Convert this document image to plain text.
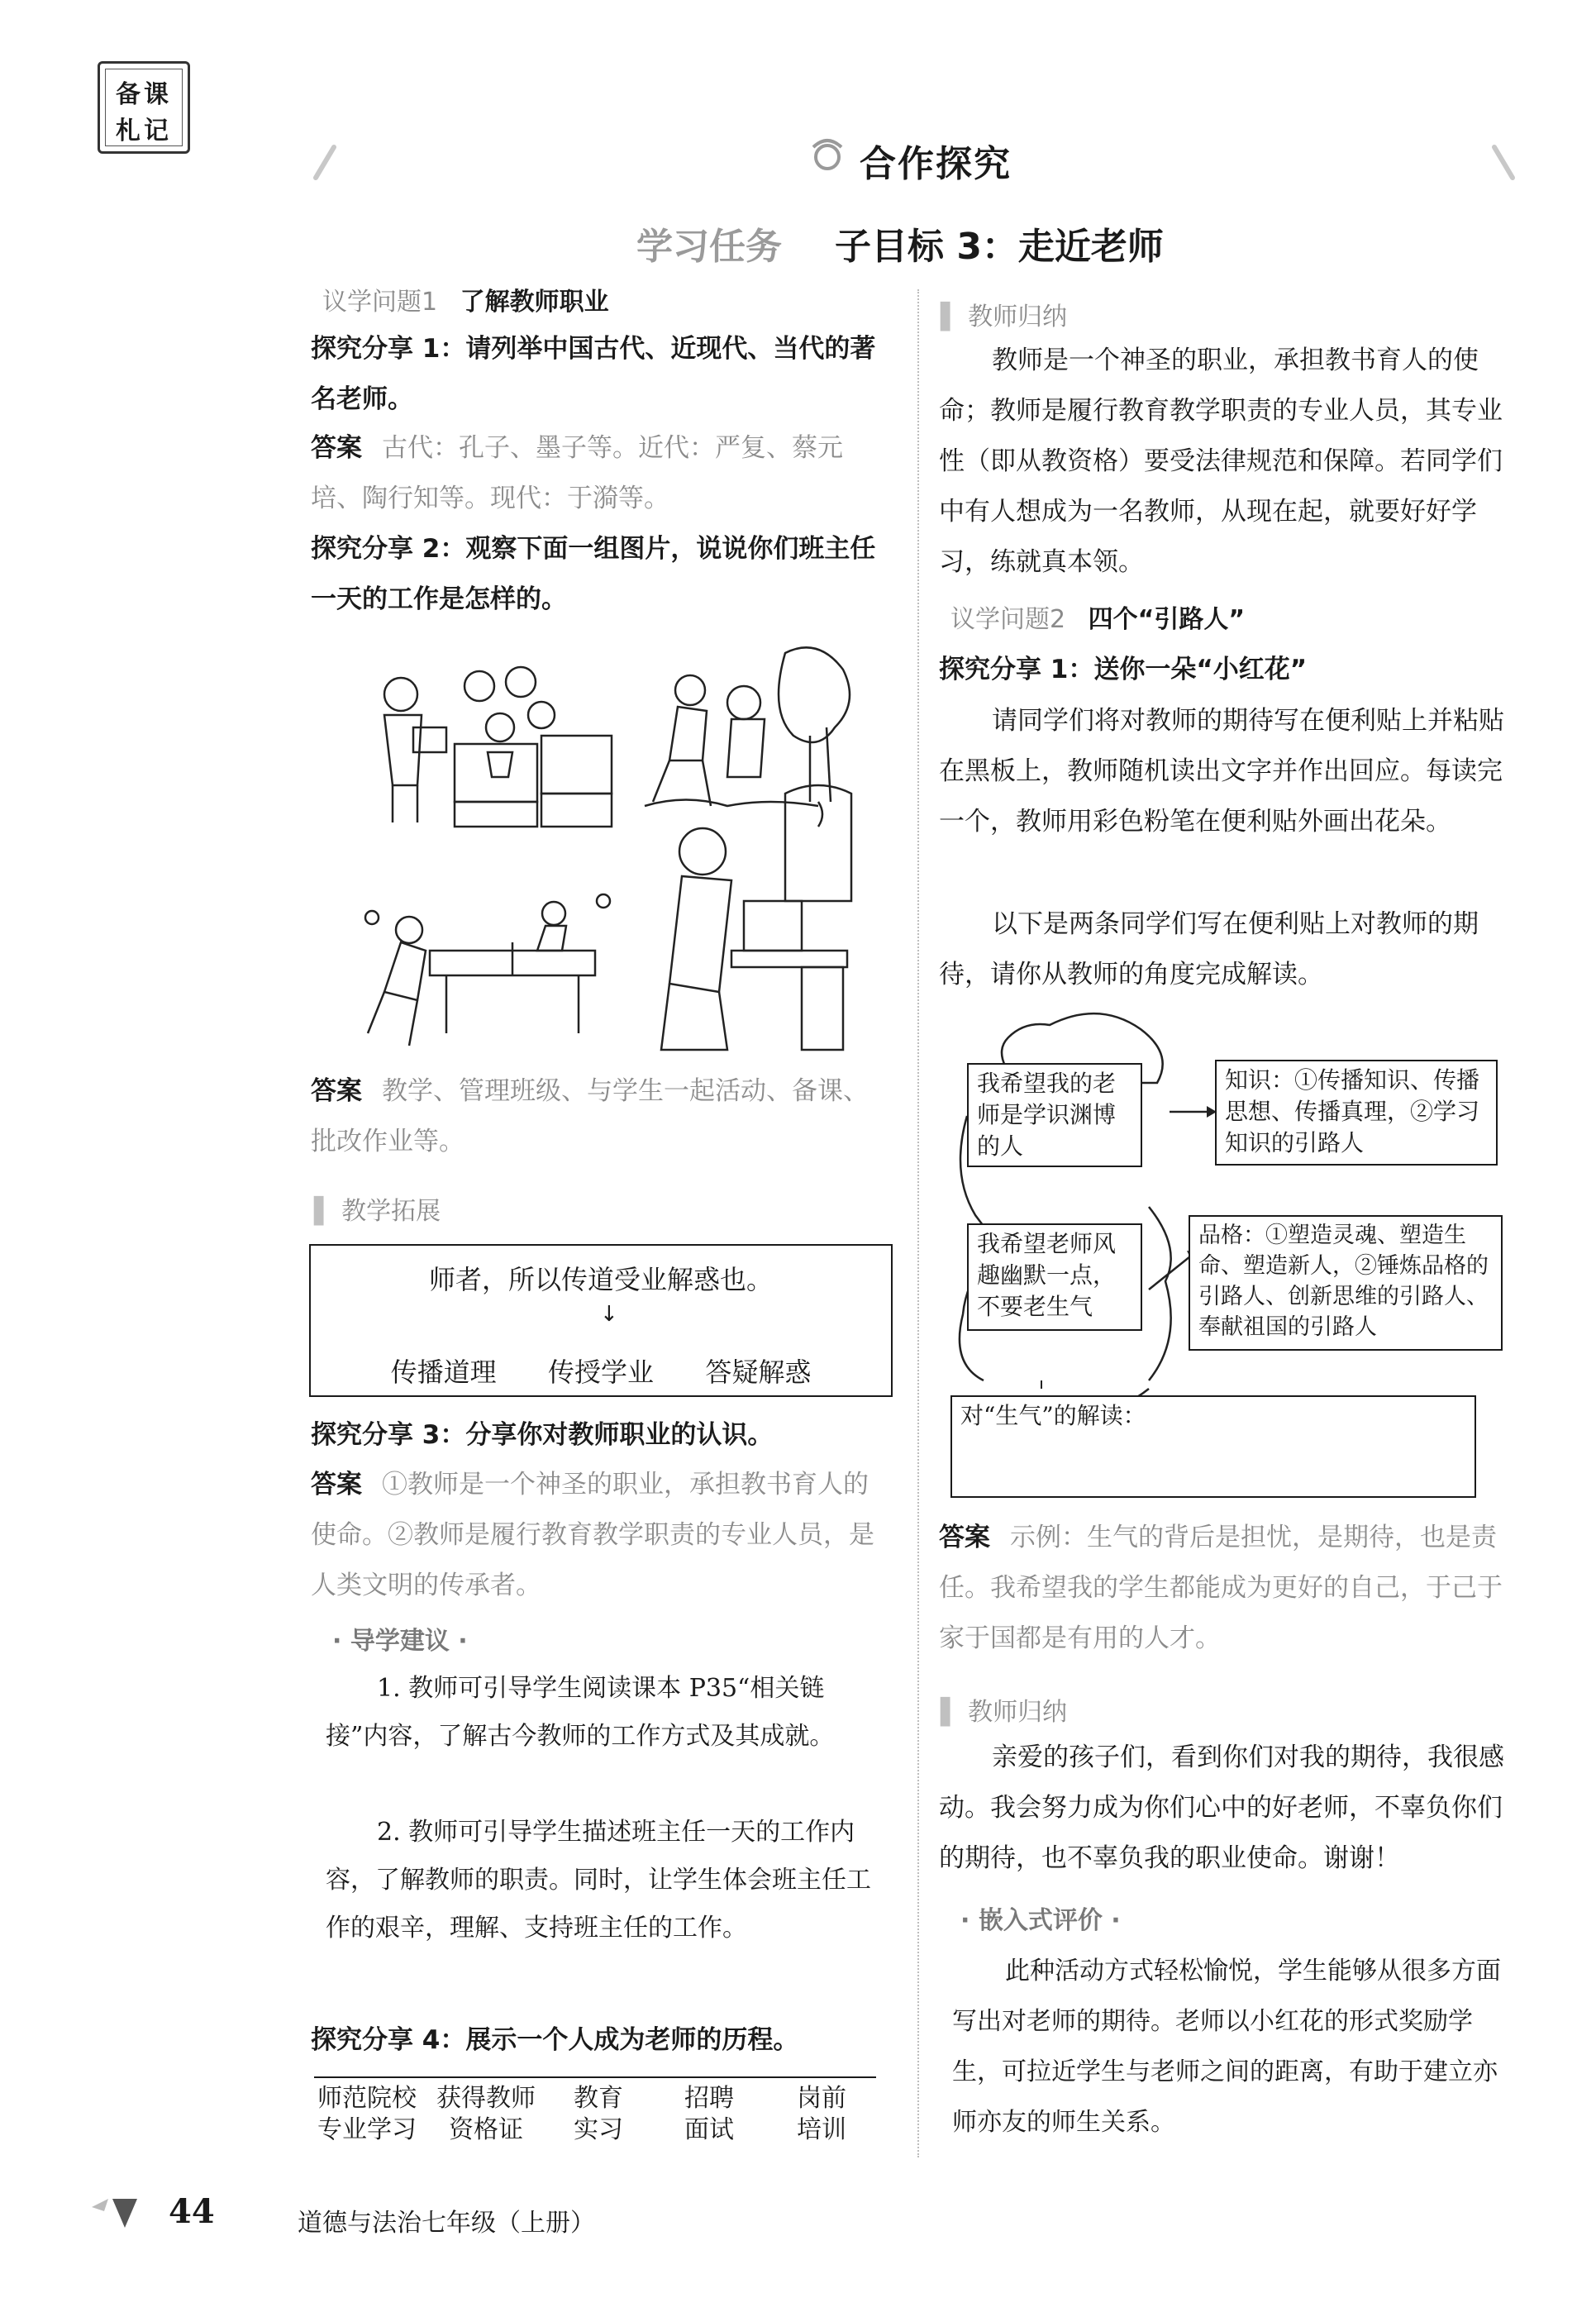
备课
札记
合作探究
学习任务 子目标 3：走近老师
议学问题1 了解教师职业

探究分享 1：请列举中国古代、近现代、当代的著名老师。

答案 古代：孔子、墨子等。近代：严复、蔡元培、陶行知等。现代：于漪等。

探究分享 2：观察下面一组图片，说说你们班主任一天的工作是怎样的。

答案 教学、管理班级、与学生一起活动、备课、批改作业等。

▌ 教学拓展
师者，所以传道受业解惑也。
↓
传播道理 传授学业 答疑解惑

探究分享 3：分享你对教师职业的认识。

答案 ①教师是一个神圣的职业，承担教书育人的使命。②教师是履行教育教学职责的专业人员，是人类文明的传承者。

· 导学建议 ·

1. 教师可引导学生阅读课本 P35“相关链接”内容，了解古今教师的工作方式及其成就。

2. 教师可引导学生描述班主任一天的工作内容，了解教师的职责。同时，让学生体会班主任工作的艰辛，理解、支持班主任的工作。

探究分享 4：展示一个人成为老师的历程。

师范院校
专业学习
获得教师
资格证
教育
实习
招聘
面试
岗前
培训
▌ 教师归纳

教师是一个神圣的职业，承担教书育人的使命；教师是履行教育教学职责的专业人员，其专业性（即从教资格）要受法律规范和保障。若同学们中有人想成为一名教师，从现在起，就要好好学习，练就真本领。

议学问题2 四个“引路人”

探究分享 1：送你一朵“小红花”

请同学们将对教师的期待写在便利贴上并粘贴在黑板上，教师随机读出文字并作出回应。每读完一个，教师用彩色粉笔在便利贴外画出花朵。

以下是两条同学们写在便利贴上对教师的期待，请你从教师的角度完成解读。

我希望我的老师是学识渊博的人
知识：①传播知识、传播思想、传播真理，②学习知识的引路人
我希望老师风趣幽默一点，不要老生气
品格：①塑造灵魂、塑造生命、塑造新人，②锤炼品格的引路人、创新思维的引路人、奉献祖国的引路人
对“生气”的解读：

答案 示例：生气的背后是担忧，是期待，也是责任。我希望我的学生都能成为更好的自己，于己于家于国都是有用的人才。

▌ 教师归纳

亲爱的孩子们，看到你们对我的期待，我很感动。我会努力成为你们心中的好老师，不辜负你们的期待，也不辜负我的职业使命。谢谢！

· 嵌入式评价 ·

此种活动方式轻松愉悦，学生能够从很多方面写出对老师的期待。老师以小红花的形式奖励学生，可拉近学生与老师之间的距离，有助于建立亦师亦友的师生关系。

44	道德与法治七年级（上册）
